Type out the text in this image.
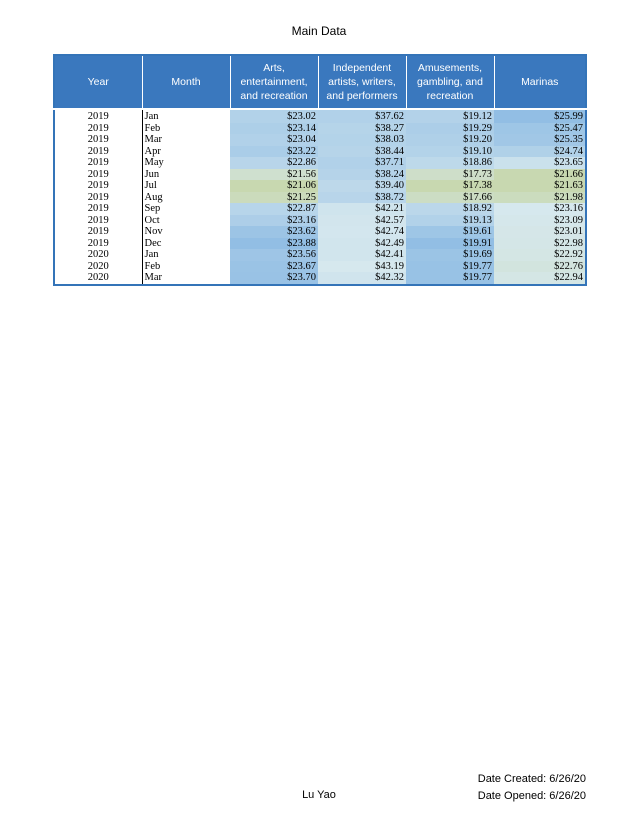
Main Data
Year	Month	Arts, entertainment, and recreation	Independent artists, writers, and performers	Amusements, gambling, and recreation	Marinas
2019	Jan	$23.02	$37.62	$19.12	$25.99
2019	Feb	$23.14	$38.27	$19.29	$25.47
2019	Mar	$23.04	$38.03	$19.20	$25.35
2019	Apr	$23.22	$38.44	$19.10	$24.74
2019	May	$22.86	$37.71	$18.86	$23.65
2019	Jun	$21.56	$38.24	$17.73	$21.66
2019	Jul	$21.06	$39.40	$17.38	$21.63
2019	Aug	$21.25	$38.72	$17.66	$21.98
2019	Sep	$22.87	$42.21	$18.92	$23.16
2019	Oct	$23.16	$42.57	$19.13	$23.09
2019	Nov	$23.62	$42.74	$19.61	$23.01
2019	Dec	$23.88	$42.49	$19.91	$22.98
2020	Jan	$23.56	$42.41	$19.69	$22.92
2020	Feb	$23.67	$43.19	$19.77	$22.76
2020	Mar	$23.70	$42.32	$19.77	$22.94
Date Created: 6/26/20
Date Opened: 6/26/20
Lu Yao
